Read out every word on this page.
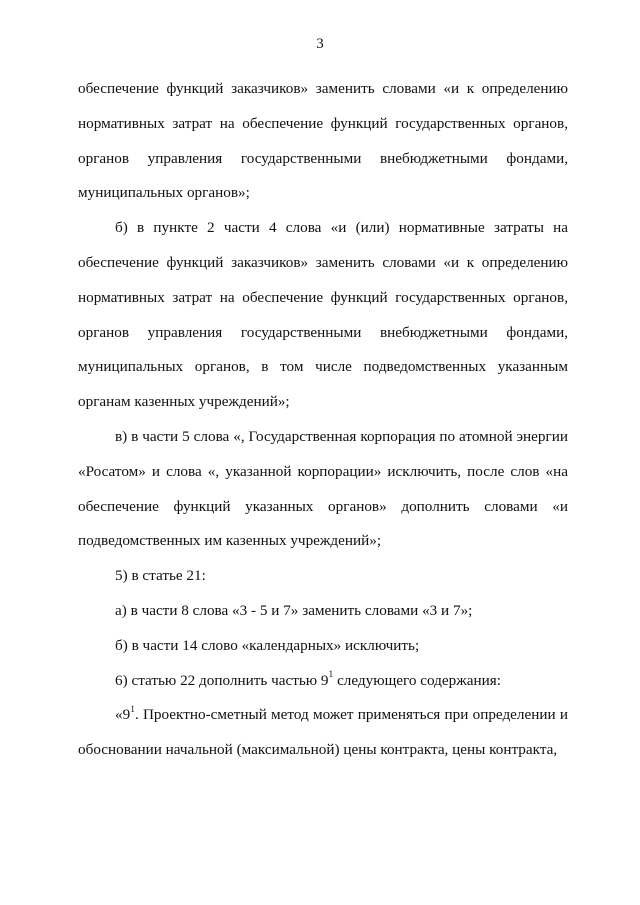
3

обеспечение функций заказчиков» заменить словами «и к определению нормативных затрат на обеспечение функций государственных органов, органов управления государственными внебюджетными фондами, муниципальных органов»;

б) в пункте 2 части 4 слова «и (или) нормативные затраты на обеспечение функций заказчиков» заменить словами «и к определению нормативных затрат на обеспечение функций государственных органов, органов управления государственными внебюджетными фондами, муниципальных органов, в том числе подведомственных указанным органам казенных учреждений»;

в) в части 5 слова «, Государственная корпорация по атомной энергии «Росатом» и слова «, указанной корпорации» исключить, после слов «на обеспечение функций указанных органов» дополнить словами «и подведомственных им казенных учреждений»;

5) в статье 21:

а) в части 8 слова «3 - 5 и 7» заменить словами «3 и 7»;

б) в части 14 слово «календарных» исключить;

6) статью 22 дополнить частью $9^1$ следующего содержания:

«$9^1$. Проектно-сметный метод может применяться при определении и обосновании начальной (максимальной) цены контракта, цены контракта,
